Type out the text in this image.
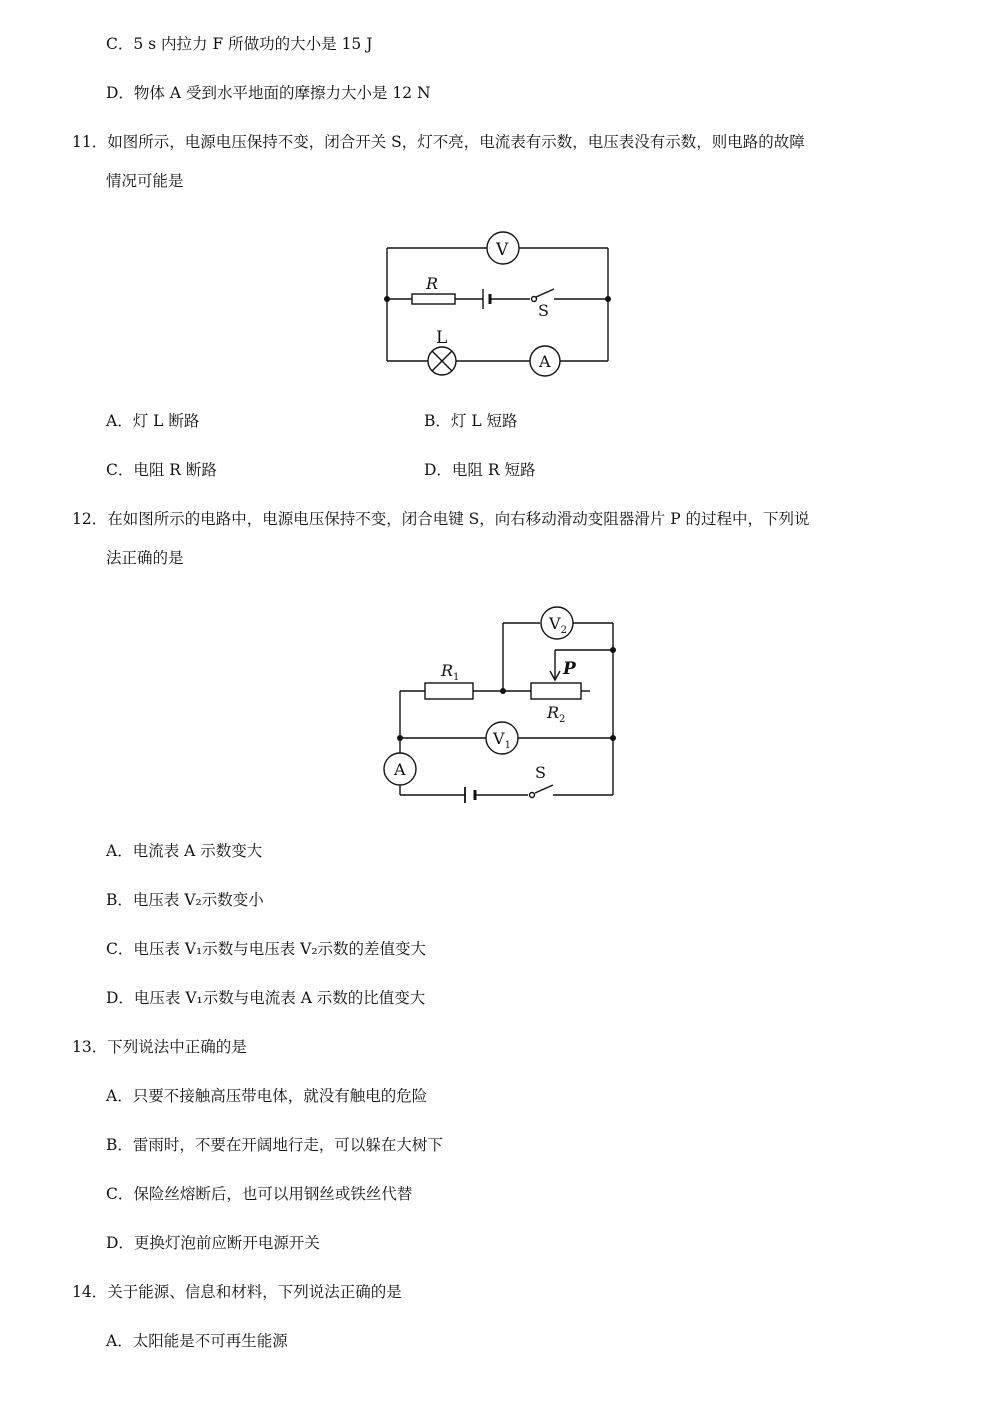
C．5 s 内拉力 F 所做功的大小是 15 J
D．物体 A 受到水平地面的摩擦力大小是 12 N
11．如图所示，电源电压保持不变，闭合开关 S，灯不亮，电流表有示数，电压表没有示数，则电路的故障
情况可能是
V
R
S
L
A
A．灯 L 断路	B．灯 L 短路
C．电阻 R 断路	D．电阻 R 短路
12．在如图所示的电路中，电源电压保持不变，闭合电键 S，向右移动滑动变阻器滑片 P 的过程中，下列说
法正确的是
$V_2$
$V_1$
A
$R_1$
$R_2$
P
S
A．电流表 A 示数变大
B．电压表 V₂示数变小
C．电压表 V₁示数与电压表 V₂示数的差值变大
D．电压表 V₁示数与电流表 A 示数的比值变大
13．下列说法中正确的是
A．只要不接触高压带电体，就没有触电的危险
B．雷雨时，不要在开阔地行走，可以躲在大树下
C．保险丝熔断后，也可以用钢丝或铁丝代替
D．更换灯泡前应断开电源开关
14．关于能源、信息和材料，下列说法正确的是
A．太阳能是不可再生能源
